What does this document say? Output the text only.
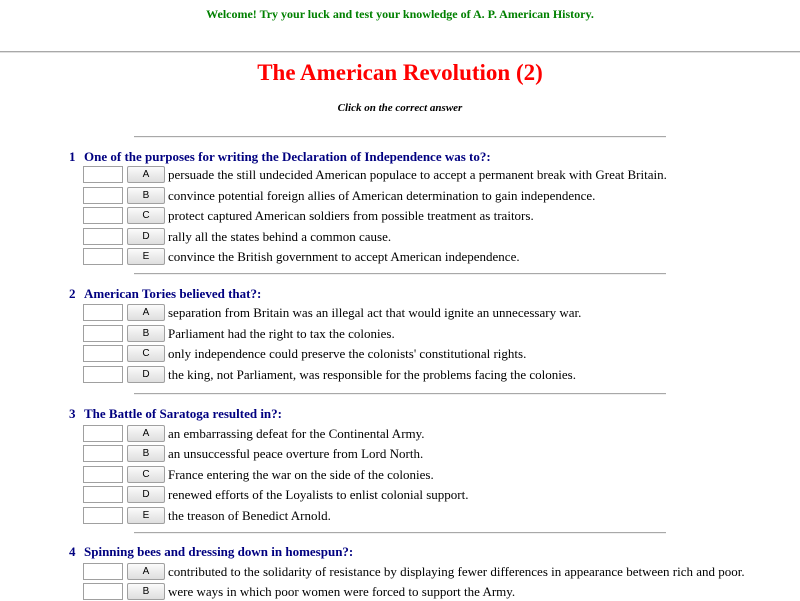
Welcome! Try your luck and test your knowledge of A. P. American History.
The American Revolution (2)
Click on the correct answer
1 One of the purposes for writing the Declaration of Independence was to?:
A	persuade the still undecided American populace to accept a permanent break with Great Britain.
B	convince potential foreign allies of American determination to gain independence.
C	protect captured American soldiers from possible treatment as traitors.
D	rally all the states behind a common cause.
E	convince the British government to accept American independence.
2 American Tories believed that?:
A	separation from Britain was an illegal act that would ignite an unnecessary war.
B	Parliament had the right to tax the colonies.
C	only independence could preserve the colonists' constitutional rights.
D	the king, not Parliament, was responsible for the problems facing the colonies.
3 The Battle of Saratoga resulted in?:
A	an embarrassing defeat for the Continental Army.
B	an unsuccessful peace overture from Lord North.
C	France entering the war on the side of the colonies.
D	renewed efforts of the Loyalists to enlist colonial support.
E	the treason of Benedict Arnold.
4 Spinning bees and dressing down in homespun?:
A	contributed to the solidarity of resistance by displaying fewer differences in appearance between rich and poor.
B	were ways in which poor women were forced to support the Army.
